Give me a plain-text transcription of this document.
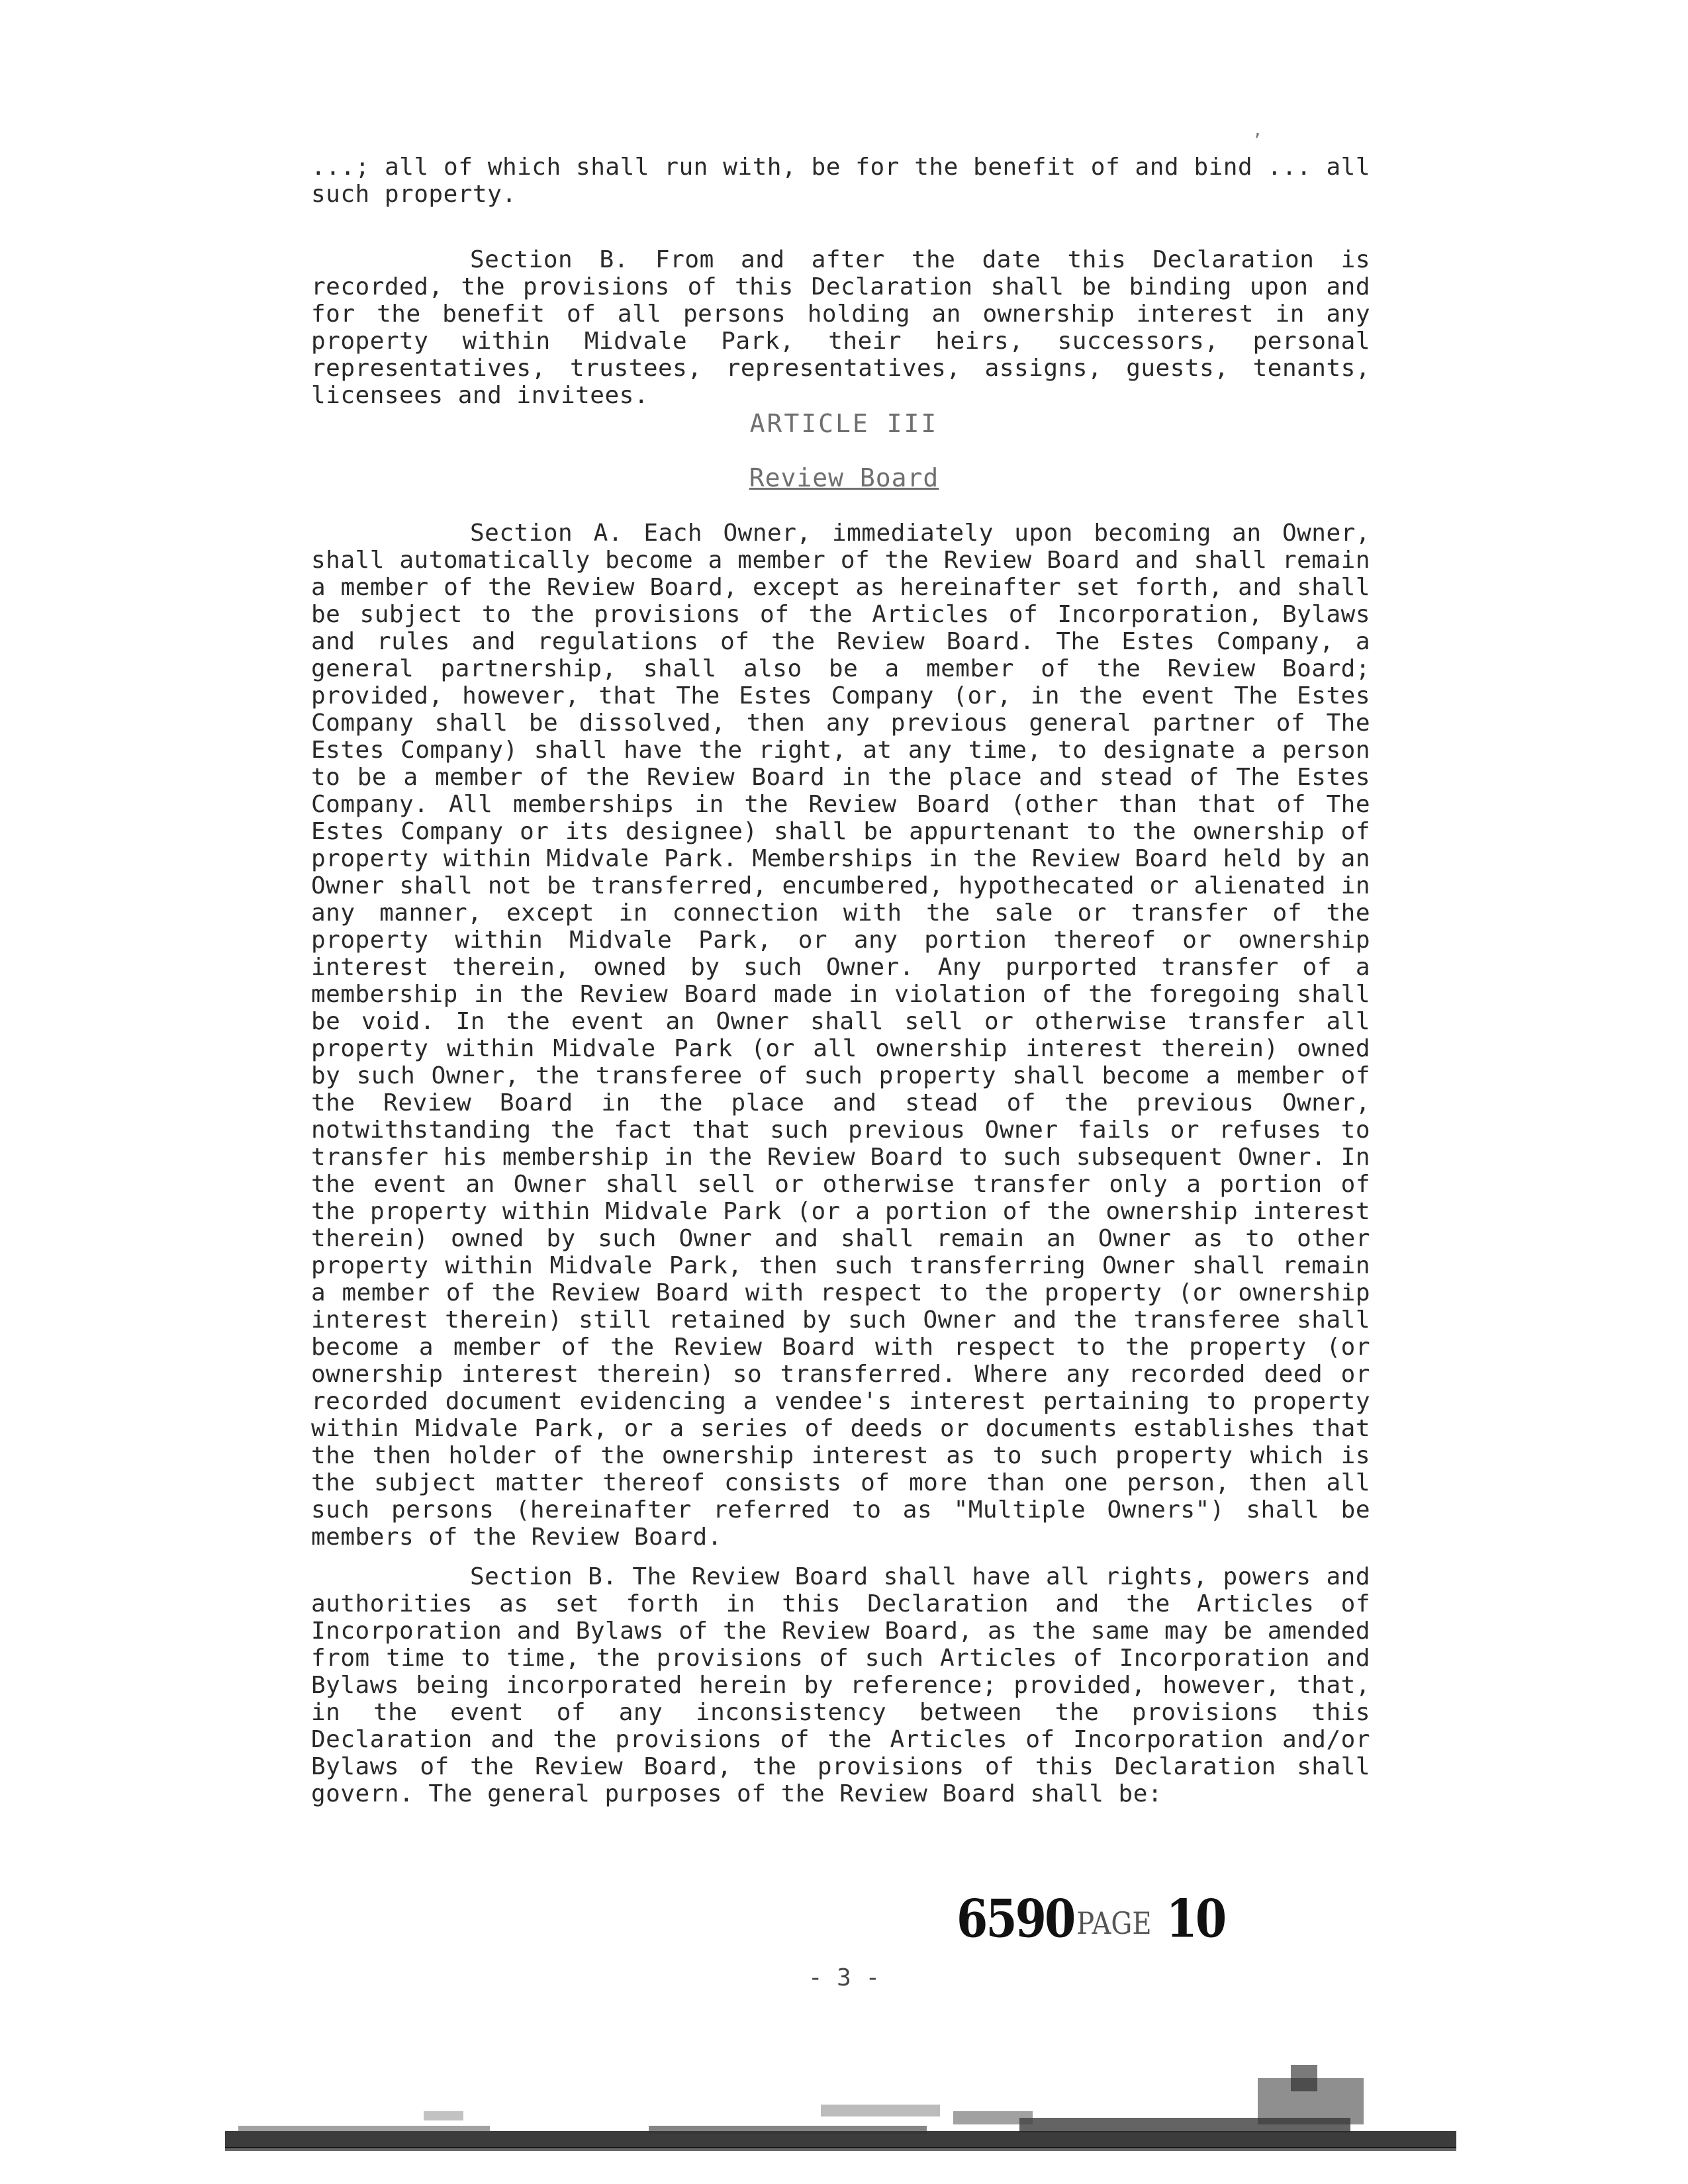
,
...; all of which shall run with, be for the benefit of and bind ... all such property.
Section B. From and after the date this Declaration is recorded, the provisions of this Declaration shall be binding upon and for the benefit of all persons holding an ownership interest in any property within Midvale Park, their heirs, successors, personal representatives, trustees, representatives, assigns, guests, tenants, licensees and invitees.
ARTICLE III
Review Board
Section A. Each Owner, immediately upon becoming an Owner, shall automatically become a member of the Review Board and shall remain a member of the Review Board, except as hereinafter set forth, and shall be subject to the provisions of the Articles of Incorporation, Bylaws and rules and regulations of the Review Board. The Estes Company, a general partnership, shall also be a member of the Review Board; provided, however, that The Estes Company (or, in the event The Estes Company shall be dissolved, then any previous general partner of The Estes Company) shall have the right, at any time, to designate a person to be a member of the Review Board in the place and stead of The Estes Company. All memberships in the Review Board (other than that of The Estes Company or its designee) shall be appurtenant to the ownership of property within Midvale Park. Memberships in the Review Board held by an Owner shall not be transferred, encumbered, hypothecated or alienated in any manner, except in connection with the sale or transfer of the property within Midvale Park, or any portion thereof or ownership interest therein, owned by such Owner. Any purported transfer of a membership in the Review Board made in violation of the foregoing shall be void. In the event an Owner shall sell or otherwise transfer all property within Midvale Park (or all ownership interest therein) owned by such Owner, the transferee of such property shall become a member of the Review Board in the place and stead of the previous Owner, notwithstanding the fact that such previous Owner fails or refuses to transfer his membership in the Review Board to such subsequent Owner. In the event an Owner shall sell or otherwise transfer only a portion of the property within Midvale Park (or a portion of the ownership interest therein) owned by such Owner and shall remain an Owner as to other property within Midvale Park, then such transferring Owner shall remain a member of the Review Board with respect to the property (or ownership interest therein) still retained by such Owner and the transferee shall become a member of the Review Board with respect to the property (or ownership interest therein) so transferred. Where any recorded deed or recorded document evidencing a vendee's interest pertaining to property within Midvale Park, or a series of deeds or documents establishes that the then holder of the ownership interest as to such property which is the subject matter thereof consists of more than one person, then all such persons (hereinafter referred to as "Multiple Owners") shall be members of the Review Board.
Section B. The Review Board shall have all rights, powers and authorities as set forth in this Declaration and the Articles of Incorporation and Bylaws of the Review Board, as the same may be amended from time to time, the provisions of such Articles of Incorporation and Bylaws being incorporated herein by reference; provided, however, that, in the event of any inconsistency between the provisions this Declaration and the provisions of the Articles of Incorporation and/or Bylaws of the Review Board, the provisions of this Declaration shall govern. The general purposes of the Review Board shall be:
6590 PAGE 10
- 3 -
